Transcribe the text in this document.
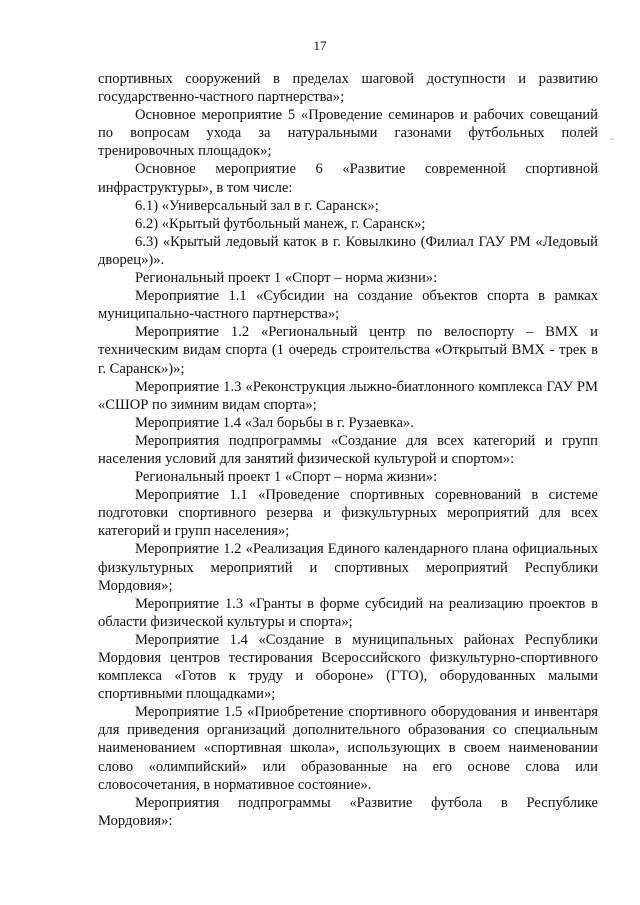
17
-

спортивных сооружений в пределах шаговой доступности и развитию государственно-частного партнерства»;

Основное мероприятие 5 «Проведение семинаров и рабочих совещаний по вопросам ухода за натуральными газонами футбольных полей тренировочных площадок»;

Основное мероприятие 6 «Развитие современной спортивной инфраструктуры», в том числе:

6.1) «Универсальный зал в г. Саранск»;

6.2) «Крытый футбольный манеж, г. Саранск»;

6.3) «Крытый ледовый каток в г. Ковылкино (Филиал ГАУ РМ «Ледовый дворец»)».

Региональный проект 1 «Спорт – норма жизни»:

Мероприятие 1.1 «Субсидии на создание объектов спорта в рамках муниципально-частного партнерства»;

Мероприятие 1.2 «Региональный центр по велоспорту – ВМХ и техническим видам спорта (1 очередь строительства «Открытый ВМХ - трек в г. Саранск»)»;

Мероприятие 1.3 «Реконструкция лыжно-биатлонного комплекса ГАУ РМ «СШОР по зимним видам спорта»;

Мероприятие 1.4 «Зал борьбы в г. Рузаевка».

Мероприятия подпрограммы «Создание для всех категорий и групп населения условий для занятий физической культурой и спортом»:

Региональный проект 1 «Спорт – норма жизни»:

Мероприятие 1.1 «Проведение спортивных соревнований в системе подготовки спортивного резерва и физкультурных мероприятий для всех категорий и групп населения»;

Мероприятие 1.2 «Реализация Единого календарного плана официальных физкультурных мероприятий и спортивных мероприятий Республики Мордовия»;

Мероприятие 1.3 «Гранты в форме субсидий на реализацию проектов в области физической культуры и спорта»;

Мероприятие 1.4 «Создание в муниципальных районах Республики Мордовия центров тестирования Всероссийского физкультурно-спортивного комплекса «Готов к труду и обороне» (ГТО), оборудованных малыми спортивными площадками»;

Мероприятие 1.5 «Приобретение спортивного оборудования и инвентаря для приведения организаций дополнительного образования со специальным наименованием «спортивная школа», использующих в своем наименовании слово «олимпийский» или образованные на его основе слова или словосочетания, в нормативное состояние».

Мероприятия подпрограммы «Развитие футбола в Республике Мордовия»:
